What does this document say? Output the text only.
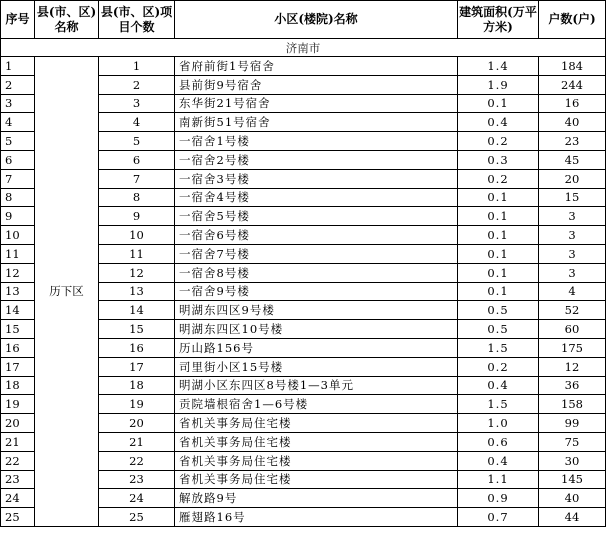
序号	县(市、区)名称	县(市、区)项目个数	小区(楼院)名称	建筑面积(万平方米)	户数(户)
济南市					
1	历下区	1	省府前街1号宿舍	1.4	184
2		2	县前街9号宿舍	1.9	244
3		3	东华街21号宿舍	0.1	16
4		4	南新街51号宿舍	0.4	40
5		5	一宿舍1号楼	0.2	23
6		6	一宿舍2号楼	0.3	45
7		7	一宿舍3号楼	0.2	20
8		8	一宿舍4号楼	0.1	15
9		9	一宿舍5号楼	0.1	3
10		10	一宿舍6号楼	0.1	3
11		11	一宿舍7号楼	0.1	3
12		12	一宿舍8号楼	0.1	3
13		13	一宿舍9号楼	0.1	4
14		14	明湖东四区9号楼	0.5	52
15		15	明湖东四区10号楼	0.5	60
16		16	历山路156号	1.5	175
17		17	司里街小区15号楼	0.2	12
18		18	明湖小区东四区8号楼1—3单元	0.4	36
19		19	贡院墙根宿舍1—6号楼	1.5	158
20		20	省机关事务局住宅楼	1.0	99
21		21	省机关事务局住宅楼	0.6	75
22		22	省机关事务局住宅楼	0.4	30
23		23	省机关事务局住宅楼	1.1	145
24		24	解放路9号	0.9	40
25		25	雁翅路16号	0.7	44
